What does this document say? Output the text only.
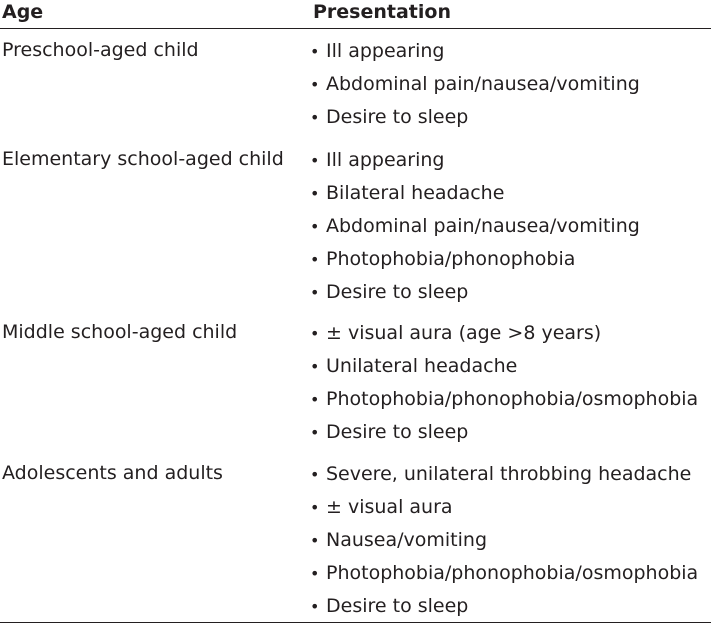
Age	Presentation
Preschool-aged child	• Ill appearing
• Abdominal pain/nausea/vomiting
• Desire to sleep
Elementary school-aged child • Ill appearing
• Bilateral headache
• Abdominal pain/nausea/vomiting
• Photophobia/phonophobia
• Desire to sleep
Middle school-aged child	• ± visual aura (age >8 years)
• Unilateral headache
• Photophobia/phonophobia/osmophobia
• Desire to sleep
Adolescents and adults	• Severe, unilateral throbbing headache
• ± visual aura
• Nausea/vomiting
• Photophobia/phonophobia/osmophobia
• Desire to sleep
